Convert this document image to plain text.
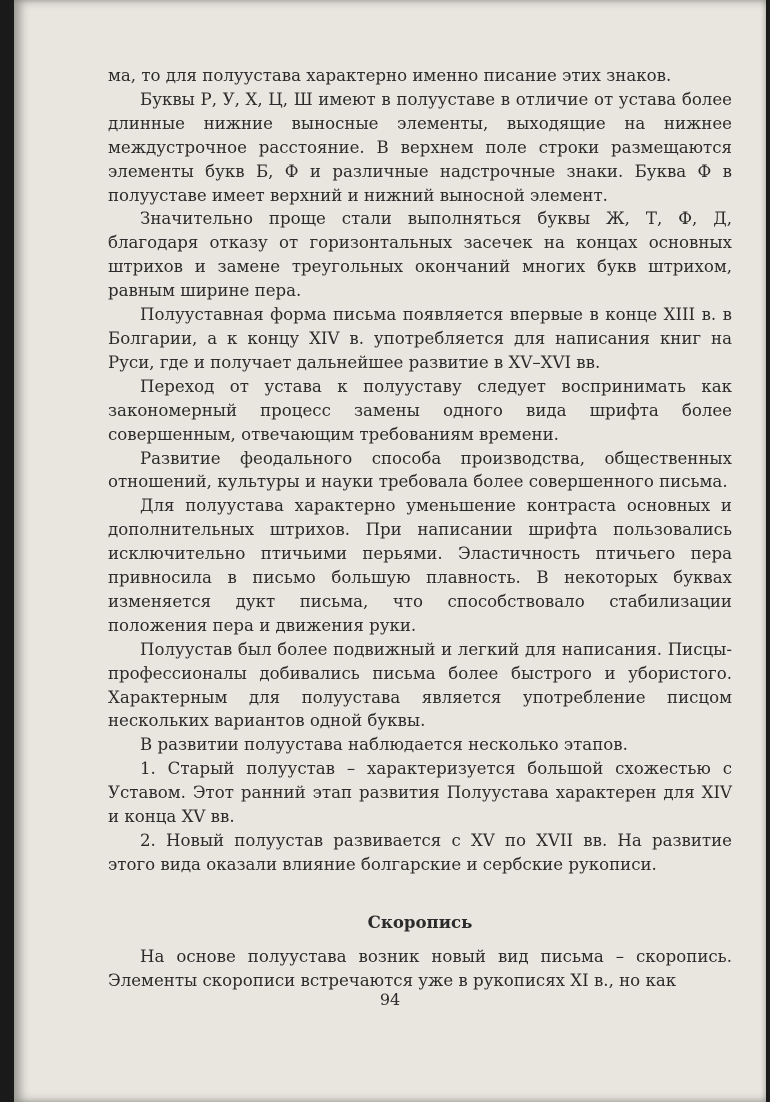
ма, то для полуустава характерно именно писание этих знаков.

Буквы Р, У, Х, Ц, Ш имеют в полууставе в отличие от устава более длинные нижние выносные элементы, выходящие на нижнее междустрочное расстояние. В верхнем поле строки размещаются элементы букв Б, Ф и различные надстрочные знаки. Буква Ф в полууставе имеет верхний и нижний выносной элемент.

Значительно проще стали выполняться буквы Ж, Т, Ф, Д, благодаря отказу от горизонтальных засечек на концах основных штрихов и замене треугольных окончаний многих букв штрихом, равным ширине пера.

Полууставная форма письма появляется впервые в конце XIII в. в Болгарии, а к концу XIV в. употребляется для написания книг на Руси, где и получает дальнейшее развитие в XV–XVI вв.

Переход от устава к полууставу следует воспринимать как закономерный процесс замены одного вида шрифта более совершенным, отвечающим требованиям времени.

Развитие феодального способа производства, общественных отношений, культуры и науки требовала более совершенного письма.

Для полуустава характерно уменьшение контраста основных и дополнительных штрихов. При написании шрифта пользовались исключительно птичьими перьями. Эластичность птичьего пера привносила в письмо большую плавность. В некоторых буквах изменяется дукт письма, что способствовало стабилизации положения пера и движения руки.

Полуустав был более подвижный и легкий для написания. Писцы-профессионалы добивались письма более быстрого и убористого. Характерным для полуустава является употребление писцом нескольких вариантов одной буквы.

В развитии полуустава наблюдается несколько этапов.

1. Старый полуустав – характеризуется большой схожестью с Уставом. Этот ранний этап развития Полуустава характерен для XIV и конца XV вв.

2. Новый полуустав развивается с XV по XVII вв. На развитие этого вида оказали влияние болгарские и сербские рукописи.

Скоропись

На основе полуустава возник новый вид письма – скоропись. Элементы скорописи встречаются уже в рукописях XI в., но как

94
